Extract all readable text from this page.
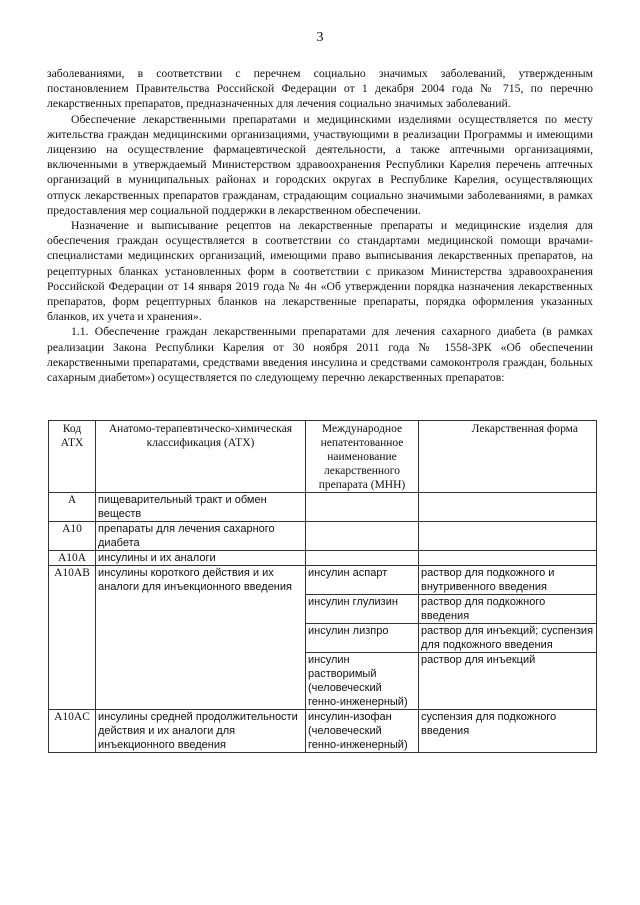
3

заболеваниями, в соответствии с перечнем социально значимых заболеваний, утвержденным постановлением Правительства Российской Федерации от 1 декабря 2004 года № 715, по перечню лекарственных препаратов, предназначенных для лечения социально значимых заболеваний.

Обеспечение лекарственными препаратами и медицинскими изделиями осуществляется по месту жительства граждан медицинскими организациями, участвующими в реализации Программы и имеющими лицензию на осуществление фармацевтической деятельности, а также аптечными организациями, включенными в утверждаемый Министерством здравоохранения Республики Карелия перечень аптечных организаций в муниципальных районах и городских округах в Республике Карелия, осуществляющих отпуск лекарственных препаратов гражданам, страдающим социально значимыми заболеваниями, в рамках предоставления мер социальной поддержки в лекарственном обеспечении.

Назначение и выписывание рецептов на лекарственные препараты и медицинские изделия для обеспечения граждан осуществляется в соответствии со стандартами медицинской помощи врачами-специалистами медицинских организаций, имеющими право выписывания лекарственных препаратов, на рецептурных бланках установленных форм в соответствии с приказом Министерства здравоохранения Российской Федерации от 14 января 2019 года № 4н «Об утверждении порядка назначения лекарственных препаратов, форм рецептурных бланков на лекарственные препараты, порядка оформления указанных бланков, их учета и хранения».

1.1. Обеспечение граждан лекарственными препаратами для лечения сахарного диабета (в рамках реализации Закона Республики Карелия от 30 ноября 2011 года № 1558-ЗРК «Об обеспечении лекарственными препаратами, средствами введения инсулина и средствами самоконтроля граждан, больных сахарным диабетом») осуществляется по следующему перечню лекарственных препаратов:

Код АТХ	Анатомо-терапевтическо-химическая классификация (АТХ)	Международное непатентованное наименование лекарственного препарата (МНН)	Лекарственная форма
А	пищеварительный тракт и обмен веществ		
A10	препараты для лечения сахарного диабета		
A10A	инсулины и их аналоги		
A10AB	инсулины короткого действия и их аналоги для инъекционного введения	инсулин аспарт	раствор для подкожного и внутривенного введения
		инсулин глулизин	раствор для подкожного введения
		инсулин лизпро	раствор для инъекций; суспензия для подкожного введения
		инсулин растворимый (человеческий генно-инженерный)	раствор для инъекций
A10AC	инсулины средней продолжительности действия и их аналоги для инъекционного введения	инсулин-изофан (человеческий генно-инженерный)	суспензия для подкожного введения
